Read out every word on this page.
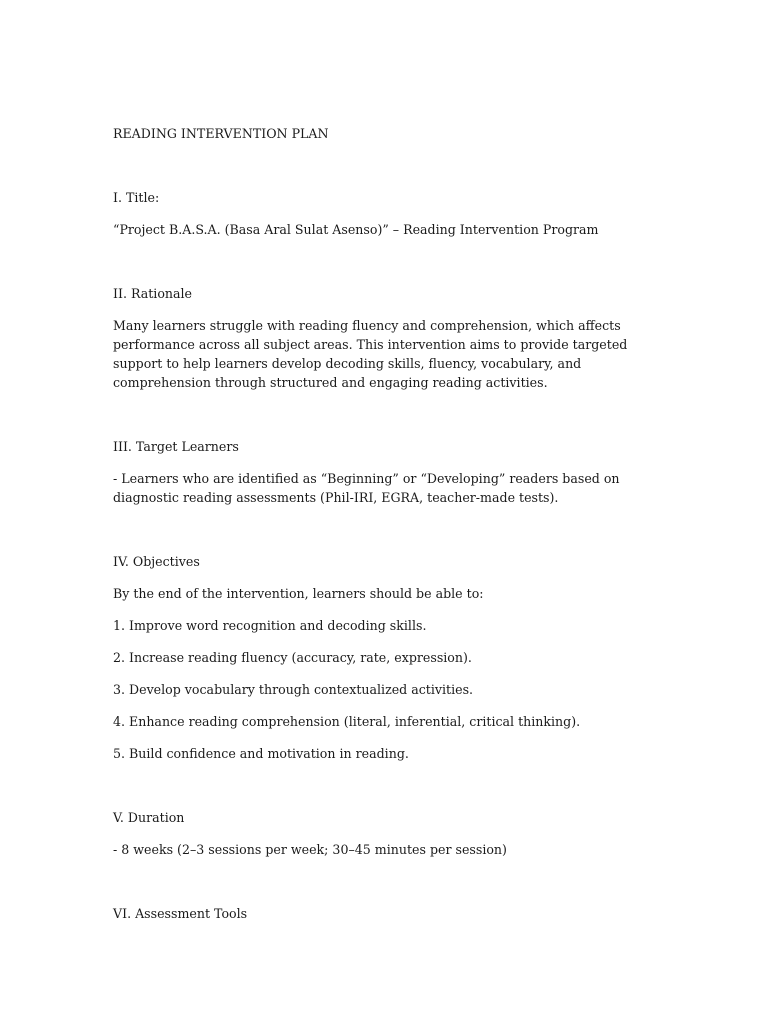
READING INTERVENTION PLAN

I. Title:

“Project B.A.S.A. (Basa Aral Sulat Asenso)” – Reading Intervention Program

II. Rationale

Many learners struggle with reading fluency and comprehension, which affects performance across all subject areas. This intervention aims to provide targeted support to help learners develop decoding skills, fluency, vocabulary, and comprehension through structured and engaging reading activities.

III. Target Learners

- Learners who are identified as “Beginning” or “Developing” readers based on diagnostic reading assessments (Phil-IRI, EGRA, teacher-made tests).

IV. Objectives

By the end of the intervention, learners should be able to:

1. Improve word recognition and decoding skills.

2. Increase reading fluency (accuracy, rate, expression).

3. Develop vocabulary through contextualized activities.

4. Enhance reading comprehension (literal, inferential, critical thinking).

5. Build confidence and motivation in reading.

V. Duration

- 8 weeks (2–3 sessions per week; 30–45 minutes per session)

VI. Assessment Tools
